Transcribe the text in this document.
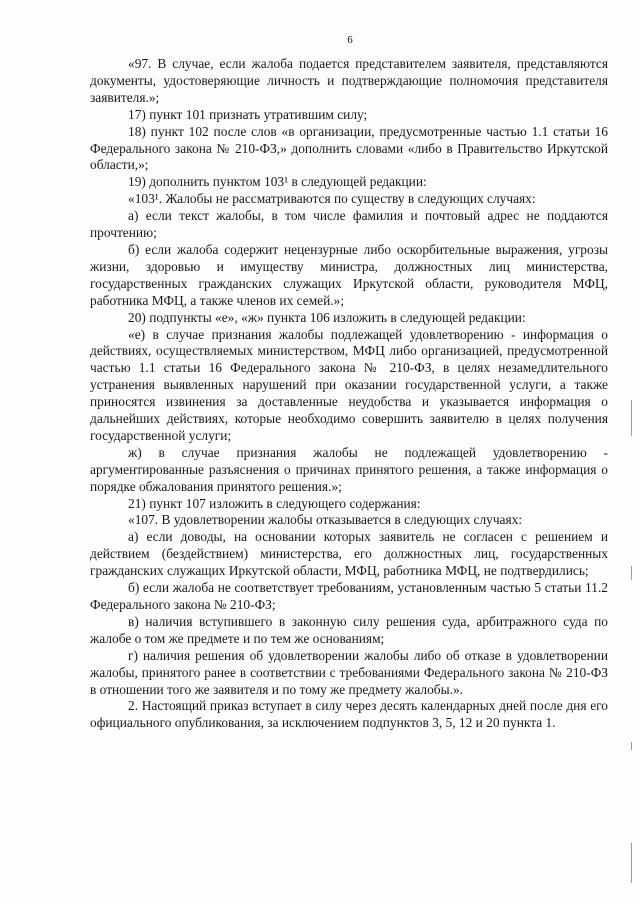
6

«97. В случае, если жалоба подается представителем заявителя, представляются документы, удостоверяющие личность и подтверждающие полномочия представителя заявителя.»;

17) пункт 101 признать утратившим силу;

18) пункт 102 после слов «в организации, предусмотренные частью 1.1 статьи 16 Федерального закона № 210-ФЗ,» дополнить словами «либо в Правительство Иркутской области,»;

19) дополнить пунктом 103¹ в следующей редакции:

«103¹. Жалобы не рассматриваются по существу в следующих случаях:

а) если текст жалобы, в том числе фамилия и почтовый адрес не поддаются прочтению;

б) если жалоба содержит нецензурные либо оскорбительные выражения, угрозы жизни, здоровью и имуществу министра, должностных лиц министерства, государственных гражданских служащих Иркутской области, руководителя МФЦ, работника МФЦ, а также членов их семей.»;

20) подпункты «е», «ж» пункта 106 изложить в следующей редакции:

«е) в случае признания жалобы подлежащей удовлетворению - информация о действиях, осуществляемых министерством, МФЦ либо организацией, предусмотренной частью 1.1 статьи 16 Федерального закона № 210-ФЗ, в целях незамедлительного устранения выявленных нарушений при оказании государственной услуги, а также приносятся извинения за доставленные неудобства и указывается информация о дальнейших действиях, которые необходимо совершить заявителю в целях получения государственной услуги;

ж) в случае признания жалобы не подлежащей удовлетворению - аргументированные разъяснения о причинах принятого решения, а также информация о порядке обжалования принятого решения.»;

21) пункт 107 изложить в следующего содержания:

«107. В удовлетворении жалобы отказывается в следующих случаях:

а) если доводы, на основании которых заявитель не согласен с решением и действием (бездействием) министерства, его должностных лиц, государственных гражданских служащих Иркутской области, МФЦ, работника МФЦ, не подтвердились;

б) если жалоба не соответствует требованиям, установленным частью 5 статьи 11.2 Федерального закона № 210-ФЗ;

в) наличия вступившего в законную силу решения суда, арбитражного суда по жалобе о том же предмете и по тем же основаниям;

г) наличия решения об удовлетворении жалобы либо об отказе в удовлетворении жалобы, принятого ранее в соответствии с требованиями Федерального закона № 210-ФЗ в отношении того же заявителя и по тому же предмету жалобы.».

2. Настоящий приказ вступает в силу через десять календарных дней после дня его официального опубликования, за исключением подпунктов 3, 5, 12 и 20 пункта 1.
